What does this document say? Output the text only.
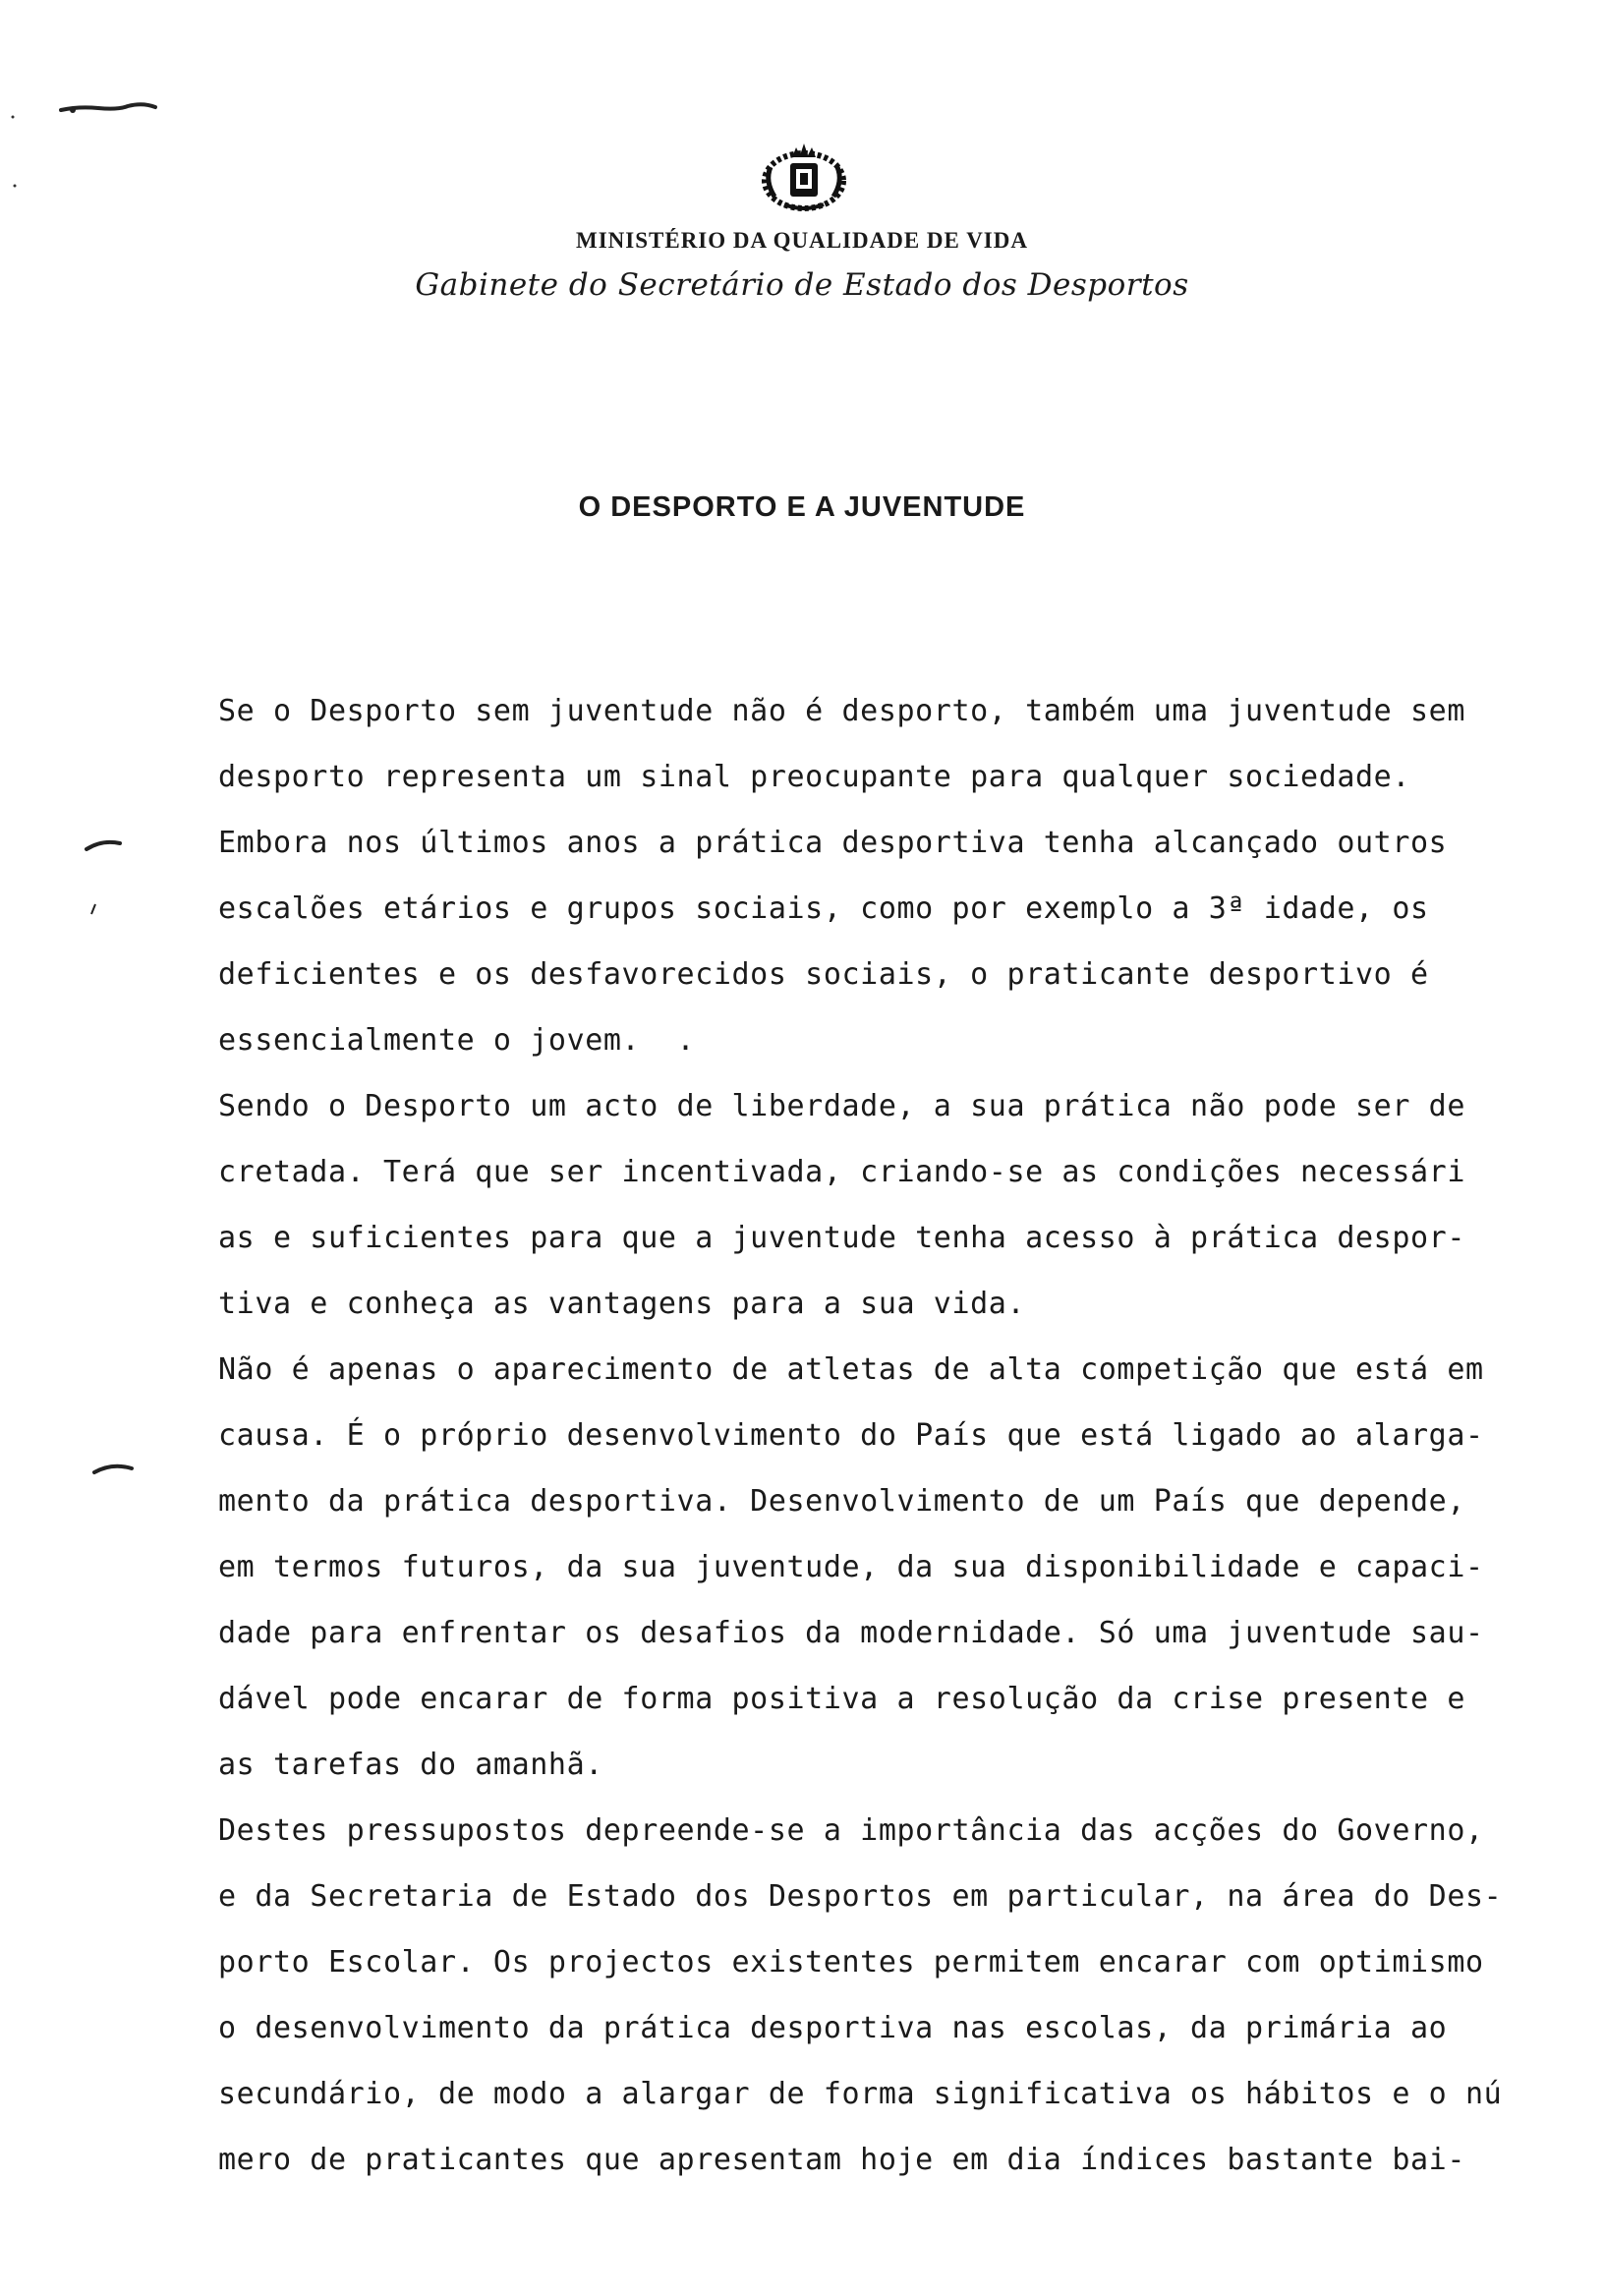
MINISTÉRIO DA QUALIDADE DE VIDA
Gabinete do Secretário de Estado dos Desportos
O DESPORTO E A JUVENTUDE
Se o Desporto sem juventude não é desporto, também uma juventude sem
desporto representa um sinal preocupante para qualquer sociedade.
Embora nos últimos anos a prática desportiva tenha alcançado outros
escalões etários e grupos sociais, como por exemplo a 3ª idade, os
deficientes e os desfavorecidos sociais, o praticante desportivo é
essencialmente o jovem.  .
Sendo o Desporto um acto de liberdade, a sua prática não pode ser de
cretada. Terá que ser incentivada, criando-se as condições necessári
as e suficientes para que a juventude tenha acesso à prática despor-
tiva e conheça as vantagens para a sua vida.
Não é apenas o aparecimento de atletas de alta competição que está em
causa. É o próprio desenvolvimento do País que está ligado ao alarga-
mento da prática desportiva. Desenvolvimento de um País que depende,
em termos futuros, da sua juventude, da sua disponibilidade e capaci-
dade para enfrentar os desafios da modernidade. Só uma juventude sau-
dável pode encarar de forma positiva a resolução da crise presente e
as tarefas do amanhã.
Destes pressupostos depreende-se a importância das acções do Governo,
e da Secretaria de Estado dos Desportos em particular, na área do Des-
porto Escolar. Os projectos existentes permitem encarar com optimismo
o desenvolvimento da prática desportiva nas escolas, da primária ao
secundário, de modo a alargar de forma significativa os hábitos e o nú
mero de praticantes que apresentam hoje em dia índices bastante bai-
